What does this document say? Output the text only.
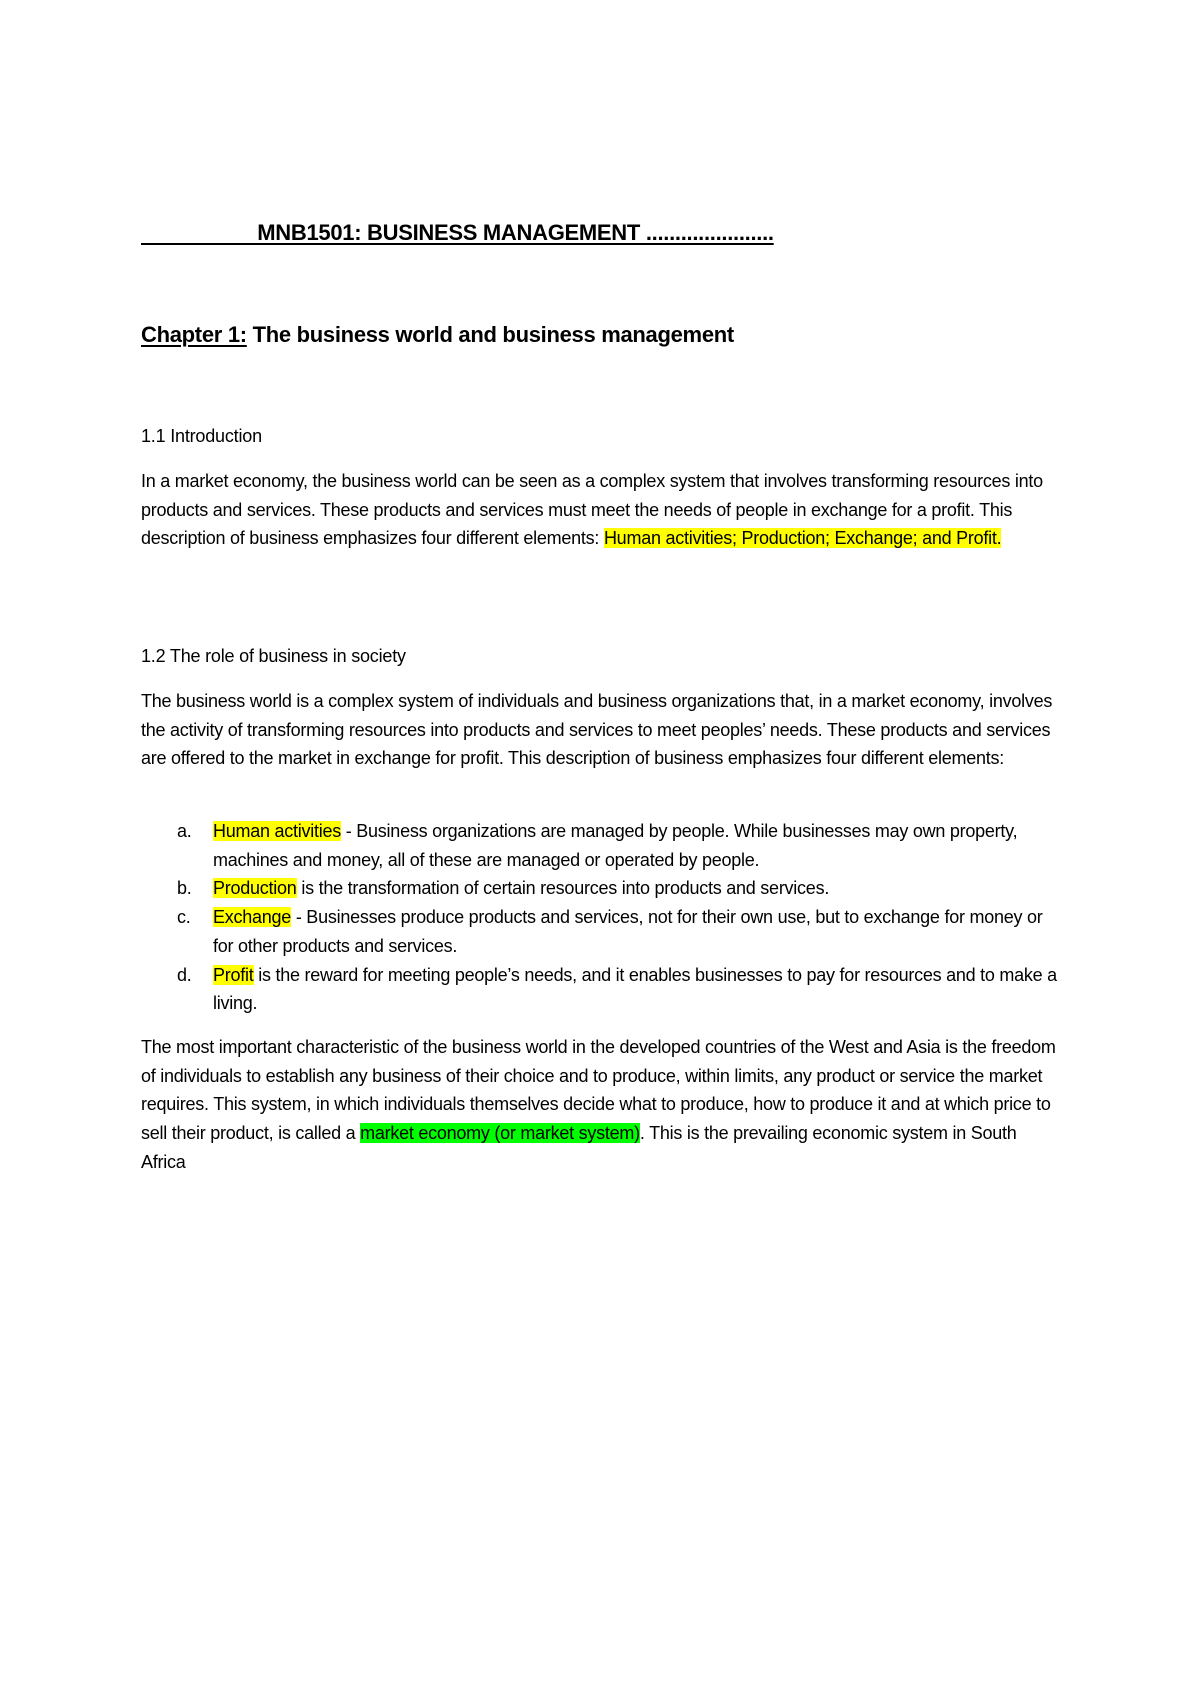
MNB1501: BUSINESS MANAGEMENT ......................
Chapter 1: The business world and business management
1.1 Introduction
In a market economy, the business world can be seen as a complex system that involves transforming resources into products and services. These products and services must meet the needs of people in exchange for a profit. This description of business emphasizes four different elements: Human activities; Production; Exchange; and Profit.
1.2 The role of business in society
The business world is a complex system of individuals and business organizations that, in a market economy, involves the activity of transforming resources into products and services to meet peoples’ needs. These products and services are offered to the market in exchange for profit. This description of business emphasizes four different elements:
a. Human activities - Business organizations are managed by people. While businesses may own property, machines and money, all of these are managed or operated by people.
b. Production is the transformation of certain resources into products and services.
c. Exchange - Businesses produce products and services, not for their own use, but to exchange for money or for other products and services.
d. Profit is the reward for meeting people’s needs, and it enables businesses to pay for resources and to make a living.
The most important characteristic of the business world in the developed countries of the West and Asia is the freedom of individuals to establish any business of their choice and to produce, within limits, any product or service the market requires. This system, in which individuals themselves decide what to produce, how to produce it and at which price to sell their product, is called a market economy (or market system). This is the prevailing economic system in South Africa
